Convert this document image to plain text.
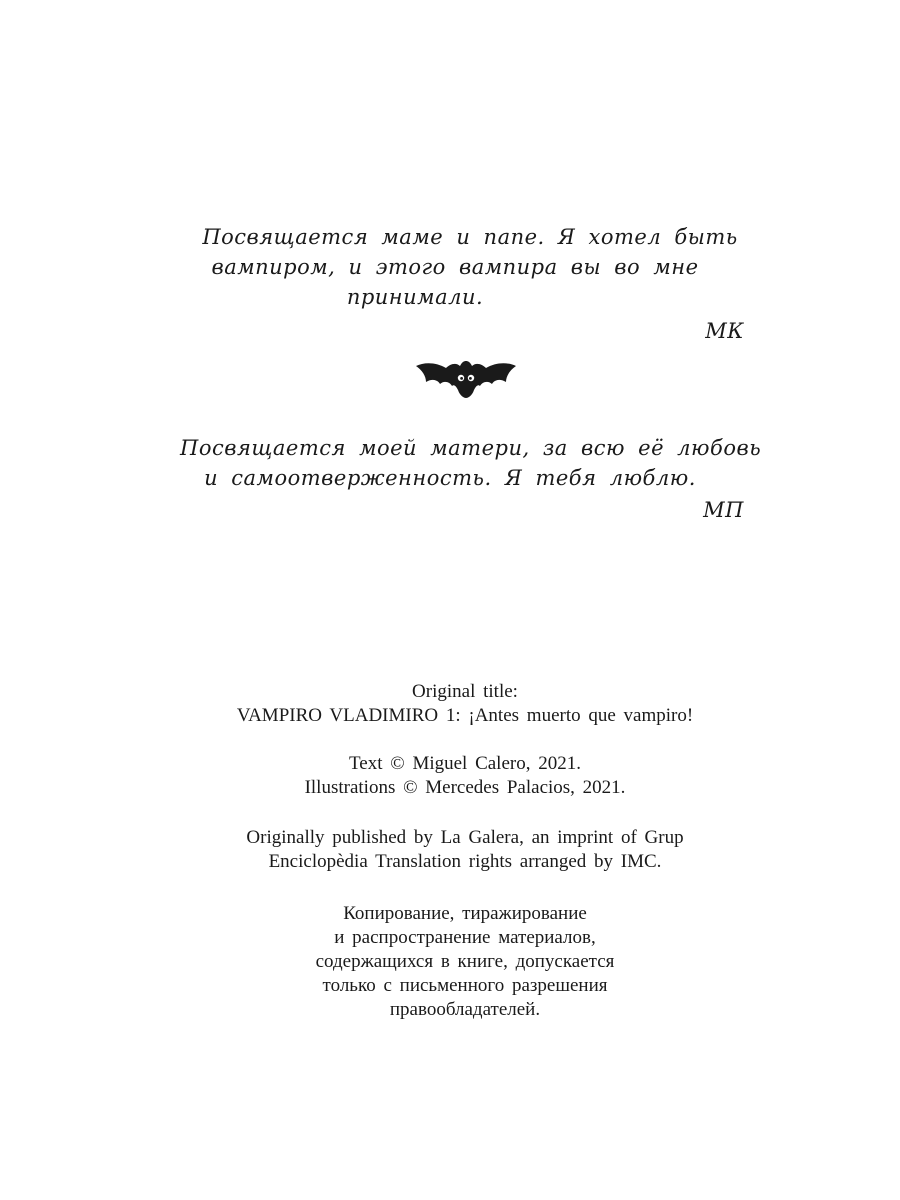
Посвящается маме и папе. Я хотел быть
вампиром, и этого вампира вы во мне
принимали.
МК
Посвящается моей матери, за всю её любовь
и самоотверженность. Я тебя люблю.
МП
Original title:
VAMPIRO VLADIMIRO 1: ¡Antes muerto que vampiro!
Text © Miguel Calero, 2021.
Illustrations © Mercedes Palacios, 2021.
Originally published by La Galera, an imprint of Grup
Enciclopèdia Translation rights arranged by IMC.
Копирование, тиражирование
и распространение материалов,
содержащихся в книге, допускается
только с письменного разрешения
правообладателей.
